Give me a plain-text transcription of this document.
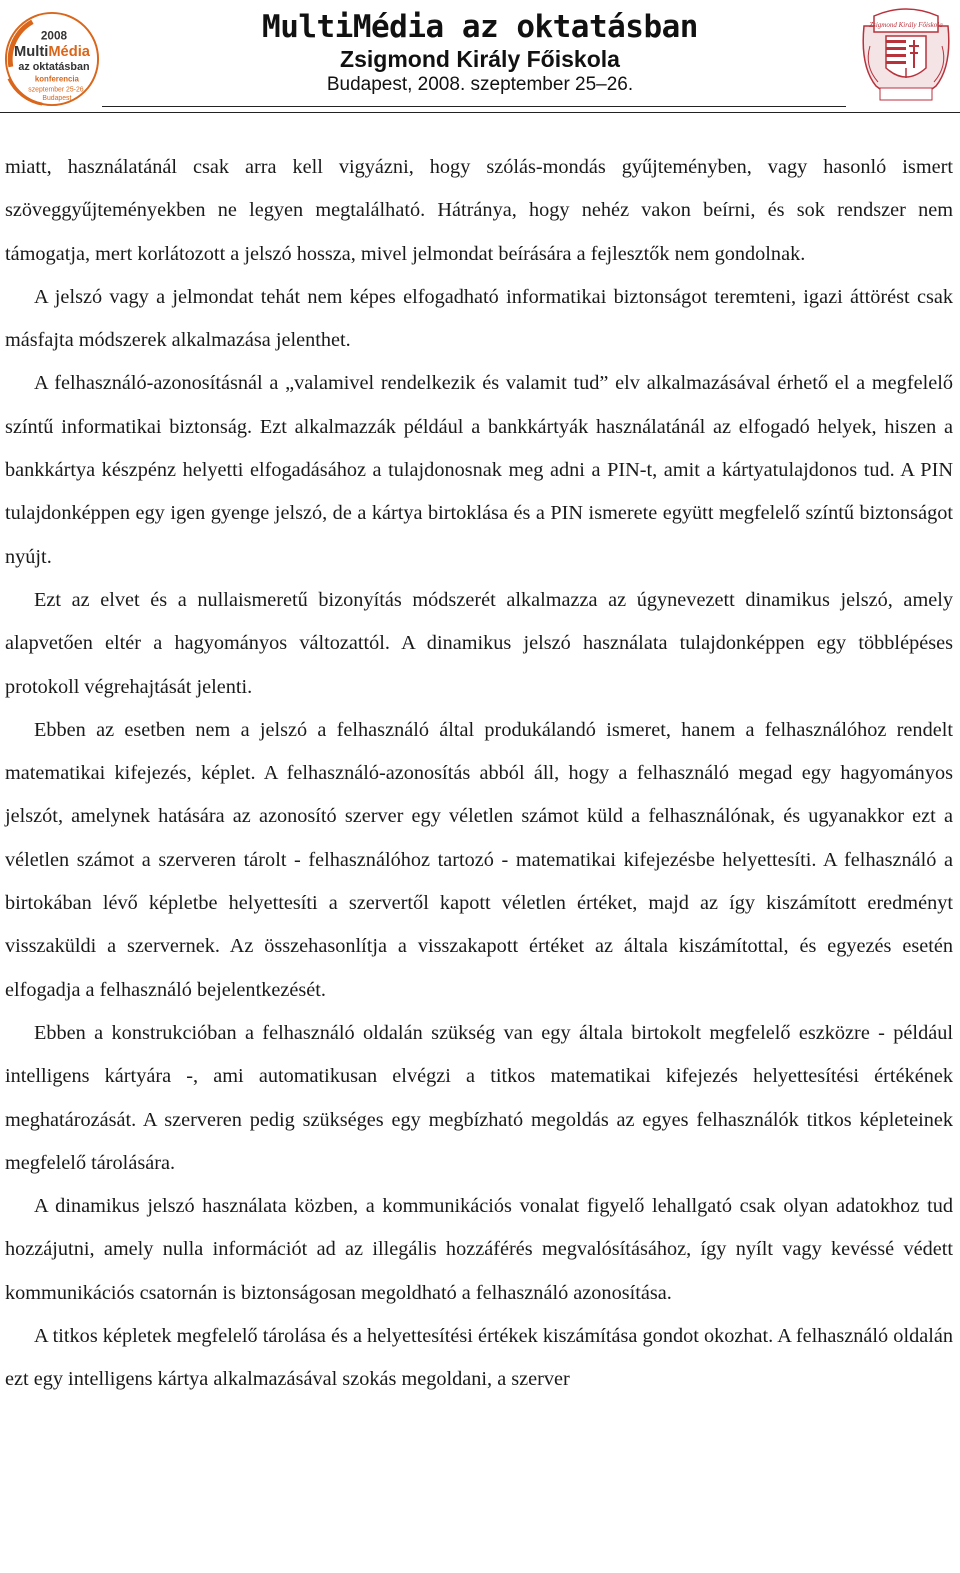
2008
MultiMédia
az oktatásban
konferencia
szeptember 25-26.
Budapest
MultiMédia az oktatásban
Zsigmond Király Főiskola
Budapest, 2008. szeptember 25–26.
Zsigmond Király Főiskola

miatt, használatánál csak arra kell vigyázni, hogy szólás-mondás gyűjteményben, vagy hasonló ismert szöveggyűjteményekben ne legyen megtalálható. Hátránya, hogy nehéz vakon beírni, és sok rendszer nem támogatja, mert korlátozott a jelszó hossza, mivel jelmondat beírására a fejlesztők nem gondolnak.

A jelszó vagy a jelmondat tehát nem képes elfogadható informatikai biztonságot teremteni, igazi áttörést csak másfajta módszerek alkalmazása jelenthet.

A felhasználó-azonosításnál a „valamivel rendelkezik és valamit tud” elv alkalmazásával érhető el a megfelelő színtű informatikai biztonság. Ezt alkalmazzák például a bankkártyák használatánál az elfogadó helyek, hiszen a bankkártya készpénz helyetti elfogadásához a tulajdonosnak meg adni a PIN-t, amit a kártyatulajdonos tud. A PIN tulajdonképpen egy igen gyenge jelszó, de a kártya birtoklása és a PIN ismerete együtt megfelelő színtű biztonságot nyújt.

Ezt az elvet és a nullaismeretű bizonyítás módszerét alkalmazza az úgynevezett dinamikus jelszó, amely alapvetően eltér a hagyományos változattól. A dinamikus jelszó használata tulajdonképpen egy többlépéses protokoll végrehajtását jelenti.

Ebben az esetben nem a jelszó a felhasználó által produkálandó ismeret, hanem a felhasználóhoz rendelt matematikai kifejezés, képlet. A felhasználó-azonosítás abból áll, hogy a felhasználó megad egy hagyományos jelszót, amelynek hatására az azonosító szerver egy véletlen számot küld a felhasználónak, és ugyanakkor ezt a véletlen számot a szerveren tárolt - felhasználóhoz tartozó - matematikai kifejezésbe helyettesíti. A felhasználó a birtokában lévő képletbe helyettesíti a szervertől kapott véletlen értéket, majd az így kiszámított eredményt visszaküldi a szervernek. Az összehasonlítja a visszakapott értéket az általa kiszámítottal, és egyezés esetén elfogadja a felhasználó bejelentkezését.

Ebben a konstrukcióban a felhasználó oldalán szükség van egy általa birtokolt megfelelő eszközre - például intelligens kártyára -, ami automatikusan elvégzi a titkos matematikai kifejezés helyettesítési értékének meghatározását. A szerveren pedig szükséges egy megbízható megoldás az egyes felhasználók titkos képleteinek megfelelő tárolására.

A dinamikus jelszó használata közben, a kommunikációs vonalat figyelő lehallgató csak olyan adatokhoz tud hozzájutni, amely nulla információt ad az illegális hozzáférés megvalósításához, így nyílt vagy kevéssé védett kommunikációs csatornán is biztonságosan megoldható a felhasználó azonosítása.

A titkos képletek megfelelő tárolása és a helyettesítési értékek kiszámítása gondot okozhat. A felhasználó oldalán ezt egy intelligens kártya alkalmazásával szokás megoldani, a szerver
